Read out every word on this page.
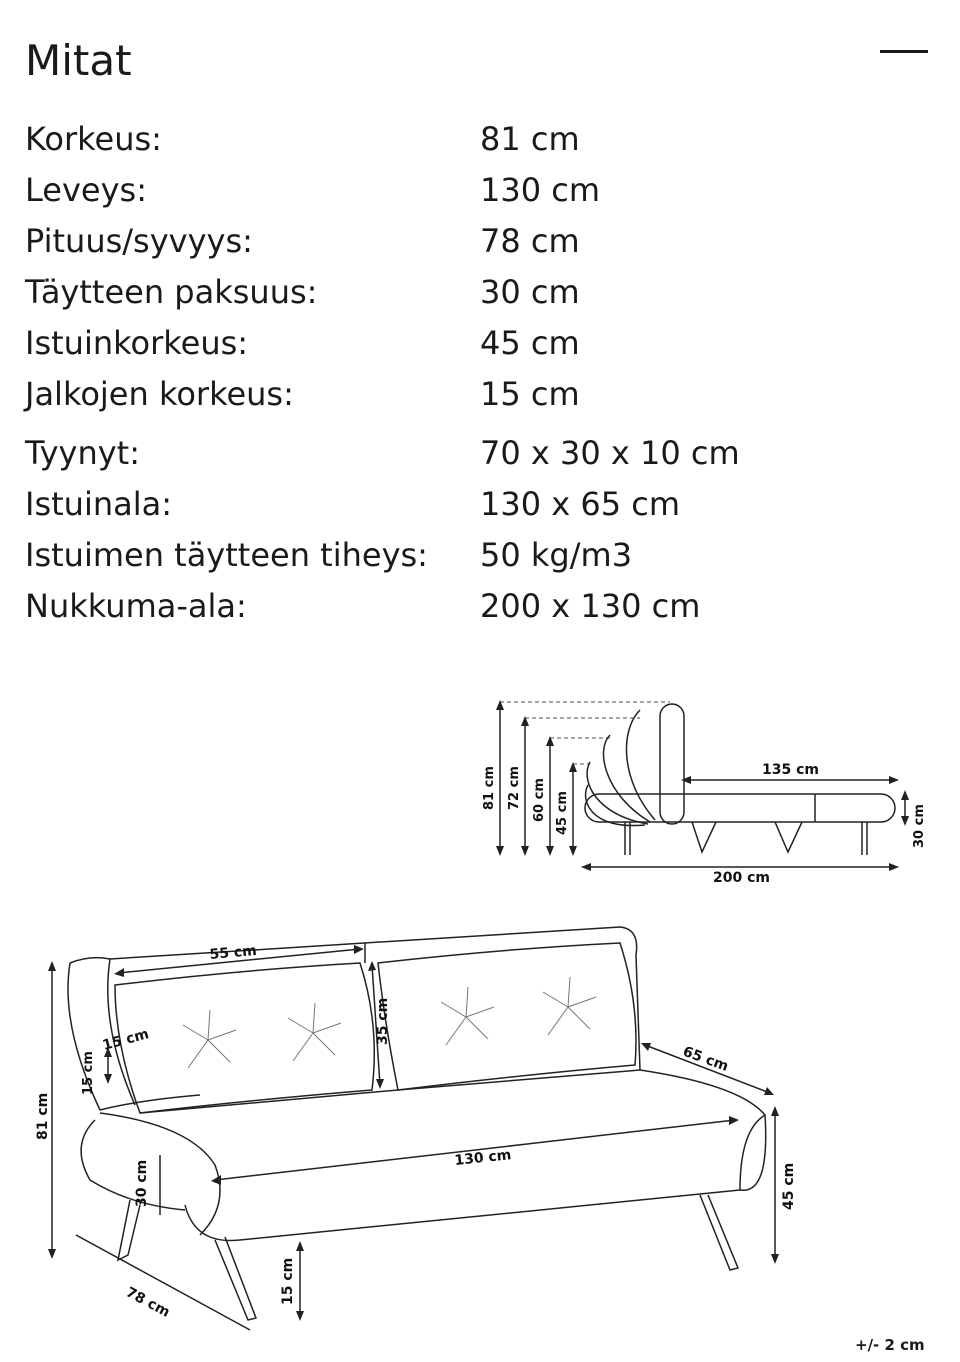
Mitat
Korkeus:	81 cm
Leveys:	130 cm
Pituus/syvyys:	78 cm
Täytteen paksuus:	30 cm
Istuinkorkeus:	45 cm
Jalkojen korkeus:	15 cm
Tyynyt:	70 x 30 x 10 cm
Istuinala:	130 x 65 cm
Istuimen täytteen tiheys:	50 kg/m3
Nukkuma-ala:	200 x 130 cm
81 cm 72 cm 60 cm 45 cm
135 cm
200 cm
30 cm
55 cm
35 cm
15 cm
15 cm
81 cm
130 cm
65 cm
45 cm
30 cm
15 cm
78 cm
+/- 2 cm
